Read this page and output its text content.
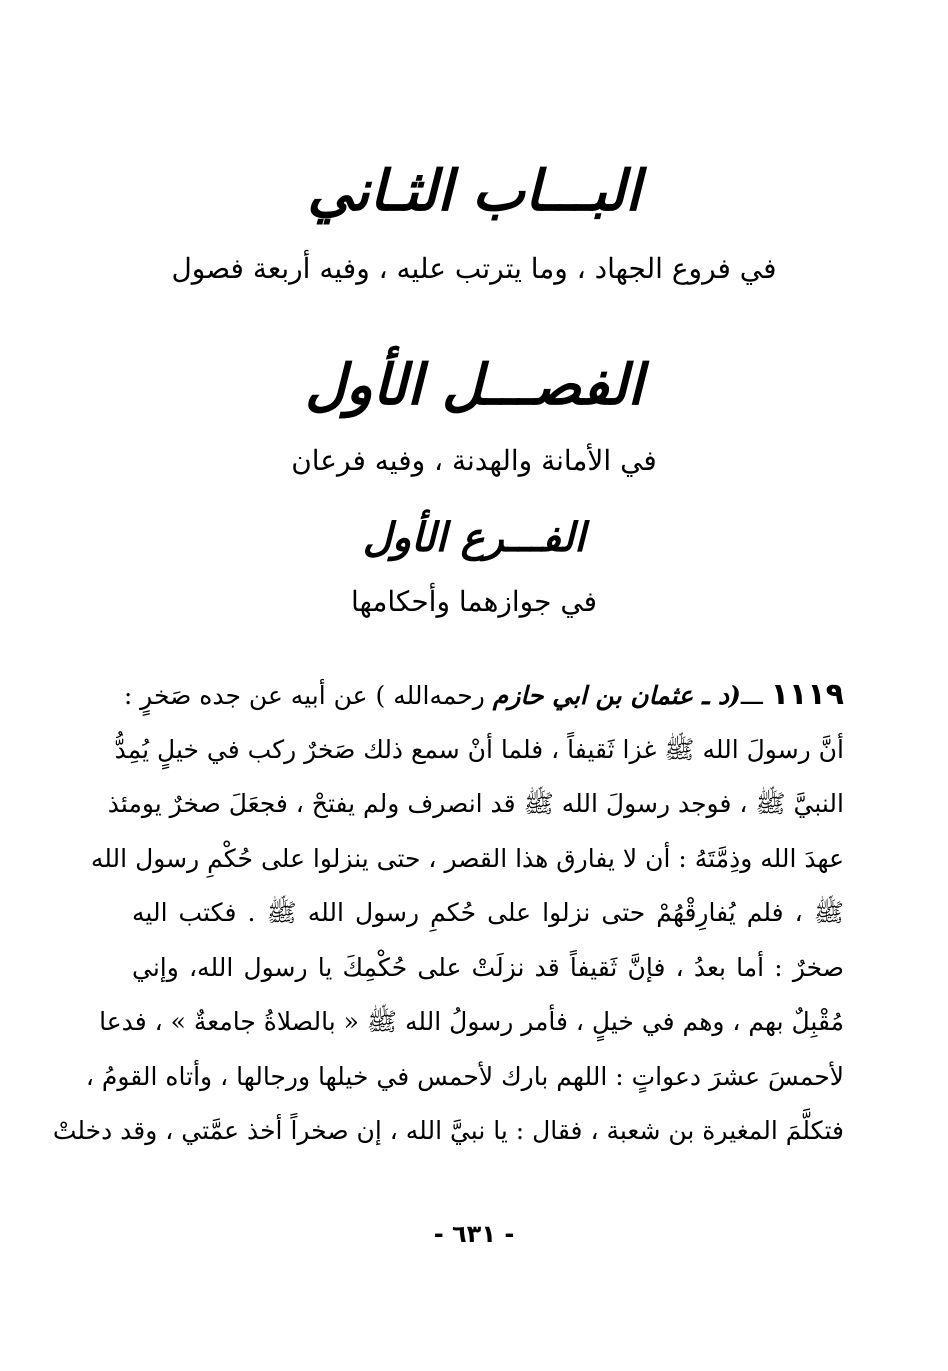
البـــاب الثـاني
في فروع الجهاد ، وما يترتب عليه ، وفيه أربعة فصول
الفصـــل الأول
في الأمانة والهدنة ، وفيه فرعان
الفـــرع الأول
في جوازهما وأحكامها
١١١٩ ـــ(د ـ عثمان بن ابي حازم رحمه‌الله ) عن أبيه عن جده صَخرٍ :
أنَّ رسولَ الله ﷺ غزا ثَقيفاً ، فلما أنْ سمع ذلك صَخرٌ ركب في خيلٍ يُمِدُّ
النبيَّ ﷺ ، فوجد رسولَ الله ﷺ قد انصرف ولم يفتحْ ، فجعَلَ صخرٌ يومئذ
عهدَ الله وذِمَّتَهُ : أن لا يفارق هذا القصر ، حتى ينزلوا على حُكْمِ رسول الله
ﷺ ، فلم يُفارِقْهُمْ حتى نزلوا على حُكمِ رسول الله ﷺ . فكتب اليه
صخرٌ : أما بعدُ ، فإنَّ ثَقيفاً قد نزلَتْ على حُكْمِكَ يا رسول الله، وإني
مُقْبِلٌ بهم ، وهم في خيلٍ ، فأمر رسولُ الله ﷺ « بالصلاةُ جامعةٌ » ، فدعا
لأحمسَ عشرَ دعواتٍ : اللهم بارك لأحمس في خيلها ورجالها ، وأتاه القومُ ،
فتكلَّمَ المغيرة بن شعبة ، فقال : يا نبيَّ الله ، إن صخراً أخذ عمَّتي ، وقد دخلتْ
- ٦٣١ -
